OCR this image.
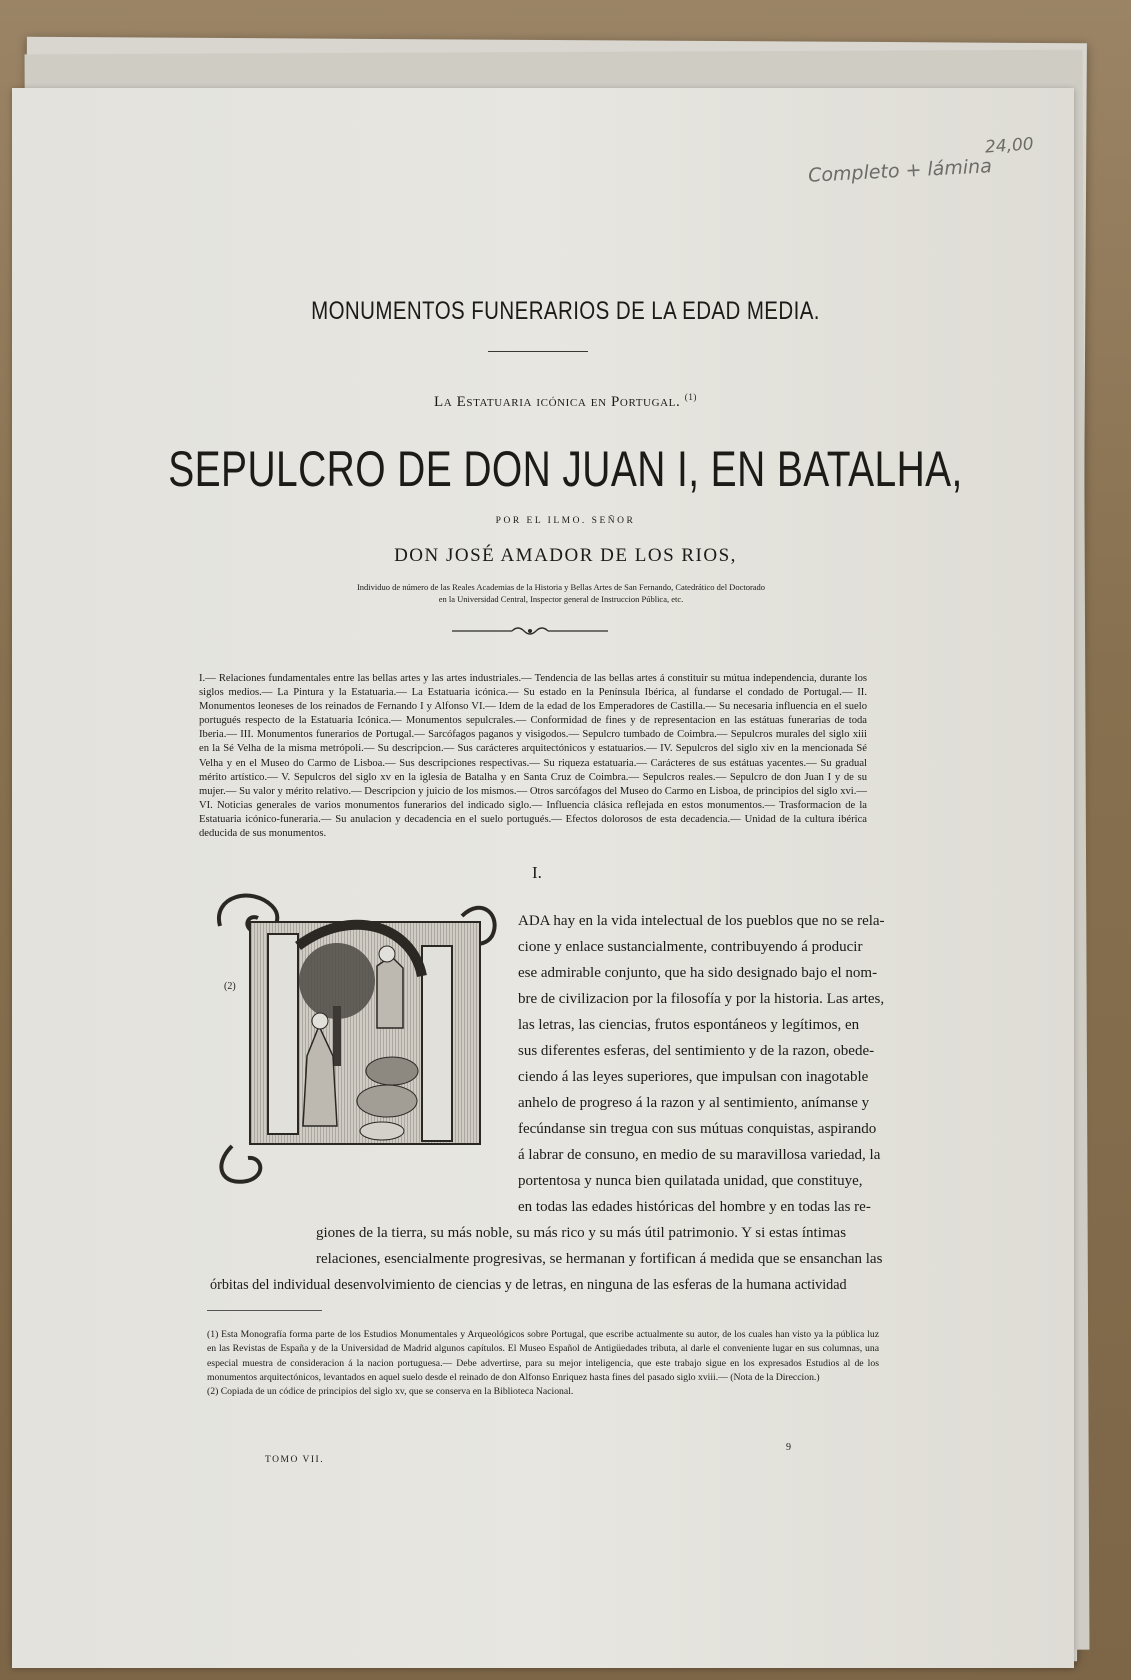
24,00
Completo + lámina
MONUMENTOS FUNERARIOS DE LA EDAD MEDIA.
La Estatuaria icónica en Portugal. $^{(1)}$
SEPULCRO DE DON JUAN I, EN BATALHA,
POR EL ILMO. SEÑOR
DON JOSÉ AMADOR DE LOS RIOS,
Individuo de número de las Reales Academias de la Historia y Bellas Artes de San Fernando, Catedrático del Doctorado
en la Universidad Central, Inspector general de Instruccion Pública, etc.
I.— Relaciones fundamentales entre las bellas artes y las artes industriales.— Tendencia de las bellas artes á constituir su mútua independencia, durante los siglos medios.— La Pintura y la Estatuaria.— La Estatuaria icónica.— Su estado en la Península Ibérica, al fundarse el condado de Portugal.— II. Monumentos leoneses de los reinados de Fernando I y Alfonso VI.— Idem de la edad de los Emperadores de Castilla.— Su necesaria influencia en el suelo portugués respecto de la Estatuaria Icónica.— Monumentos sepulcrales.— Conformidad de fines y de representacion en las estátuas funerarias de toda Iberia.— III. Monumentos funerarios de Portugal.— Sarcófagos paganos y visigodos.— Sepulcro tumbado de Coimbra.— Sepulcros murales del siglo xiii en la Sé Velha de la misma metrópoli.— Su descripcion.— Sus carácteres arquitectónicos y estatuarios.— IV. Sepulcros del siglo xiv en la mencionada Sé Velha y en el Museo do Carmo de Lisboa.— Sus descripciones respectivas.— Su riqueza estatuaria.— Carácteres de sus estátuas yacentes.— Su gradual mérito artístico.— V. Sepulcros del siglo xv en la iglesia de Batalha y en Santa Cruz de Coimbra.— Sepulcros reales.— Sepulcro de don Juan I y de su mujer.— Su valor y mérito relativo.— Descripcion y juicio de los mismos.— Otros sarcófagos del Museo do Carmo en Lisboa, de principios del siglo xvi.— VI. Noticias generales de varios monumentos funerarios del indicado siglo.— Influencia clásica reflejada en estos monumentos.— Trasformacion de la Estatuaria icónico-funeraria.— Su anulacion y decadencia en el suelo portugués.— Efectos dolorosos de esta decadencia.— Unidad de la cultura ibérica deducida de sus monumentos.
I.
(2)
ADA hay en la vida intelectual de los pueblos que no se rela-
cione y enlace sustancialmente, contribuyendo á producir
ese admirable conjunto, que ha sido designado bajo el nom-
bre de civilizacion por la filosofía y por la historia. Las artes,
las letras, las ciencias, frutos espontáneos y legítimos, en
sus diferentes esferas, del sentimiento y de la razon, obede-
ciendo á las leyes superiores, que impulsan con inagotable
anhelo de progreso á la razon y al sentimiento, anímanse y
fecúndanse sin tregua con sus mútuas conquistas, aspirando
á labrar de consuno, en medio de su maravillosa variedad, la
portentosa y nunca bien quilatada unidad, que constituye,
en todas las edades históricas del hombre y en todas las re-
giones de la tierra, su más noble, su más rico y su más útil patrimonio. Y si estas íntimas
relaciones, esencialmente progresivas, se hermanan y fortifican á medida que se ensanchan las
órbitas del individual desenvolvimiento de ciencias y de letras, en ninguna de las esferas de la humana actividad

(1) Esta Monografía forma parte de los Estudios Monumentales y Arqueológicos sobre Portugal, que escribe actualmente su autor, de los cuales han visto ya la pública luz en las Revistas de España y de la Universidad de Madrid algunos capítulos. El Museo Español de Antigüedades tributa, al darle el conveniente lugar en sus columnas, una especial muestra de consideracion á la nacion portuguesa.— Debe advertirse, para su mejor inteligencia, que este trabajo sigue en los expresados Estudios al de los monumentos arquitectónicos, levantados en aquel suelo desde el reinado de don Alfonso Enriquez hasta fines del pasado siglo xviii.— (Nota de la Direccion.)

(2) Copiada de un códice de principios del siglo xv, que se conserva en la Biblioteca Nacional.

TOMO VII.
9
